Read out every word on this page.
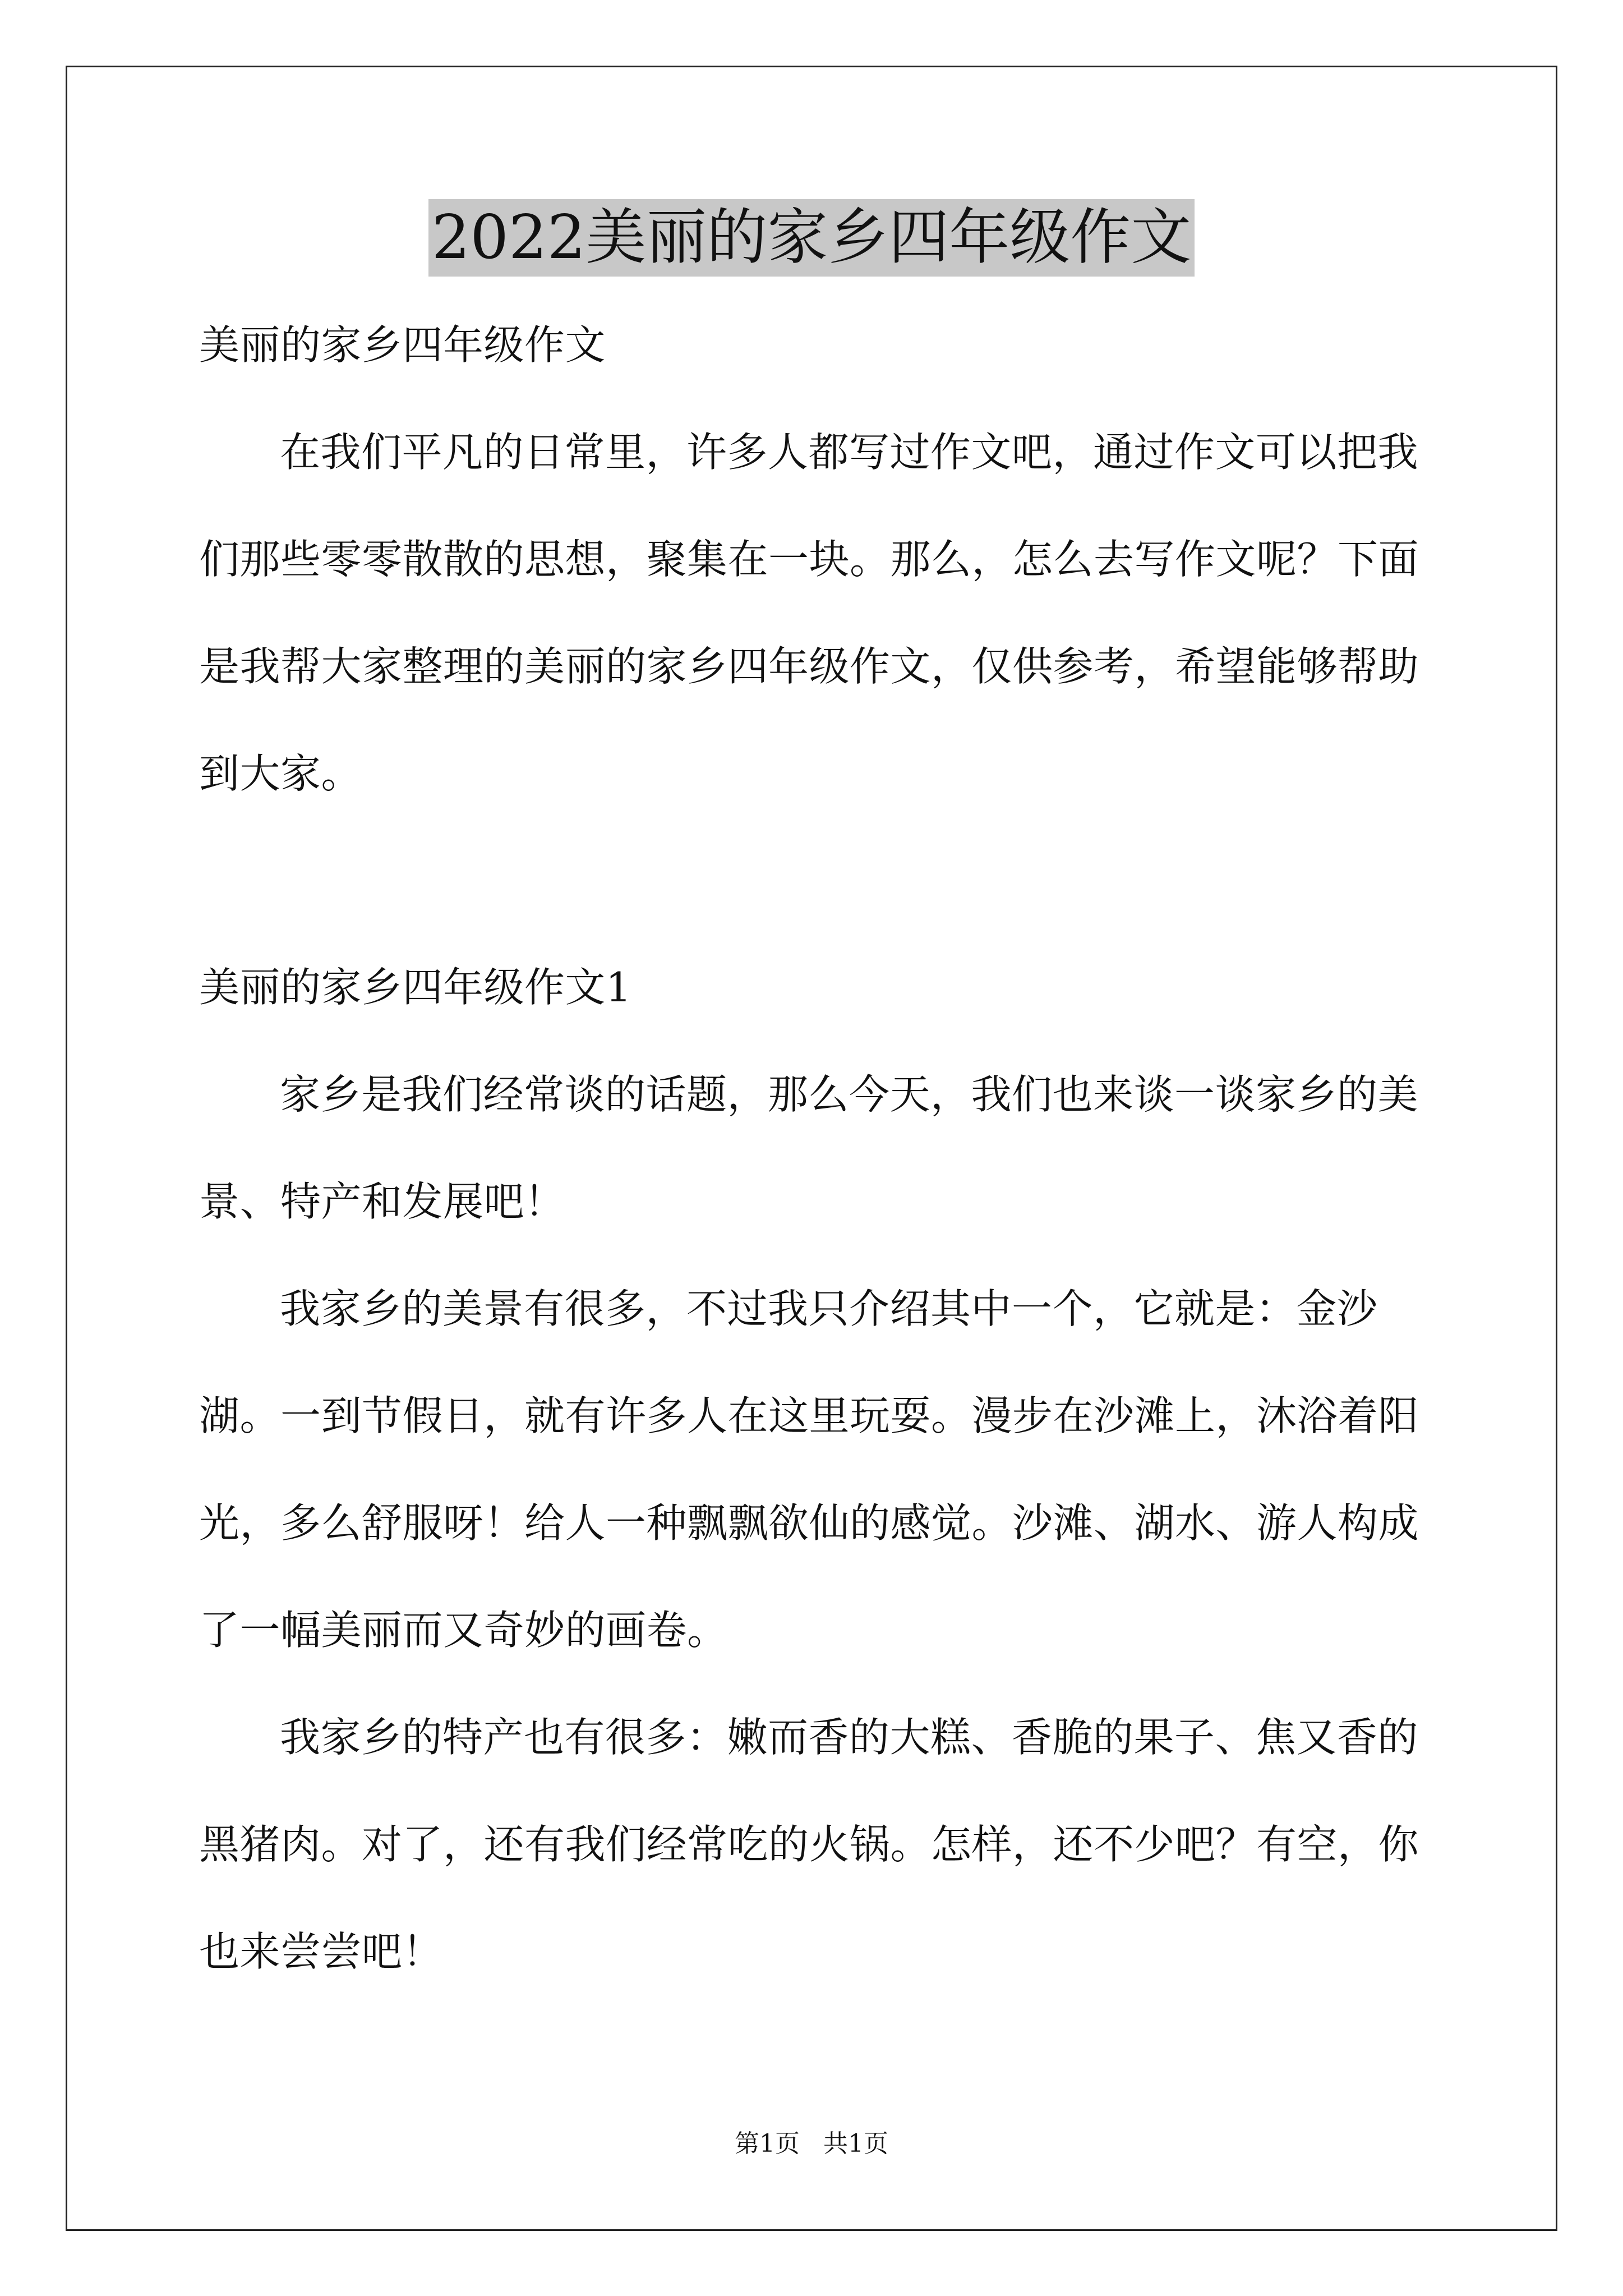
2022美丽的家乡四年级作文

美丽的家乡四年级作文

在我们平凡的日常里，许多人都写过作文吧，通过作文可以把我们那些零零散散的思想，聚集在一块。那么，怎么去写作文呢？下面是我帮大家整理的美丽的家乡四年级作文，仅供参考，希望能够帮助到大家。

美丽的家乡四年级作文1

家乡是我们经常谈的话题，那么今天，我们也来谈一谈家乡的美景、特产和发展吧！

我家乡的美景有很多，不过我只介绍其中一个，它就是：金沙湖。一到节假日，就有许多人在这里玩耍。漫步在沙滩上，沐浴着阳光，多么舒服呀！给人一种飘飘欲仙的感觉。沙滩、湖水、游人构成了一幅美丽而又奇妙的画卷。

我家乡的特产也有很多：嫩而香的大糕、香脆的果子、焦又香的黑猪肉。对了，还有我们经常吃的火锅。怎样，还不少吧？有空，你也来尝尝吧！

第1页   共1页
